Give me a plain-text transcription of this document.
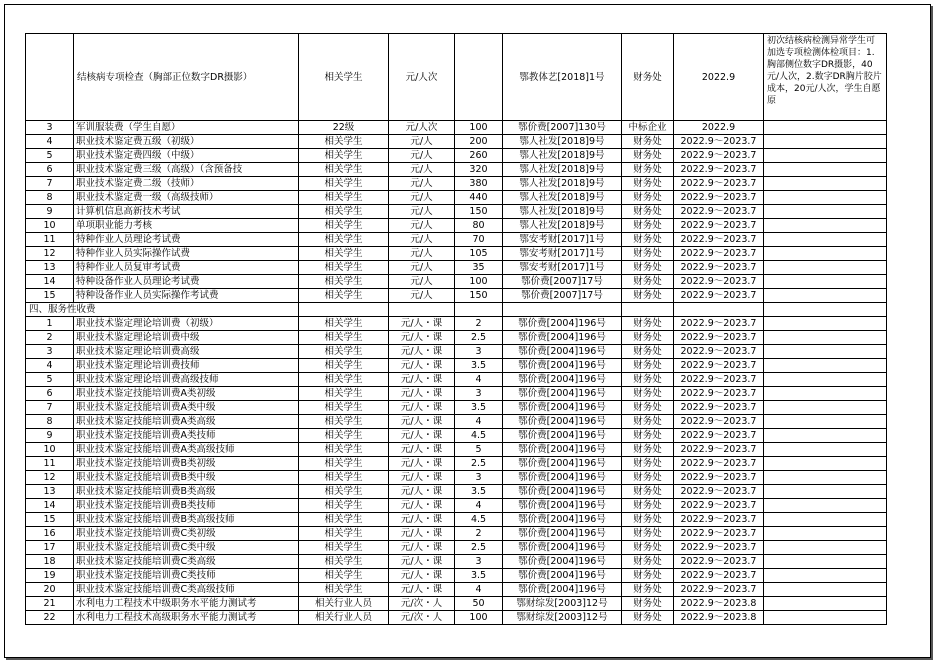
	结核病专项检查（胸部正位数字DR摄影）	相关学生	元/人次		鄂教体艺[2018]1号	财务处	2022.9	初次结核病检测异常学生可加选专项检测体检项目：1.胸部侧位数字DR摄影，40元/人次，2.数字DR胸片胶片成本，20元/人次，学生自愿原
3	军训服装费（学生自愿）	22级	元/人次	100	鄂价费[2007]130号	中标企业	2022.9	
4	职业技术鉴定费五级（初级）	相关学生	元/人	200	鄂人社发[2018]9号	财务处	2022.9～2023.7	
5	职业技术鉴定费四级（中级）	相关学生	元/人	260	鄂人社发[2018]9号	财务处	2022.9～2023.7	
6	职业技术鉴定费三级（高级）（含预备技	相关学生	元/人	320	鄂人社发[2018]9号	财务处	2022.9～2023.7	
7	职业技术鉴定费二级（技师）	相关学生	元/人	380	鄂人社发[2018]9号	财务处	2022.9～2023.7	
8	职业技术鉴定费一级（高级技师）	相关学生	元/人	440	鄂人社发[2018]9号	财务处	2022.9～2023.7	
9	计算机信息高新技术考试	相关学生	元/人	150	鄂人社发[2018]9号	财务处	2022.9～2023.7	
10	单项职业能力考核	相关学生	元/人	80	鄂人社发[2018]9号	财务处	2022.9～2023.7	
11	特种作业人员理论考试费	相关学生	元/人	70	鄂安考财[2017]1号	财务处	2022.9～2023.7	
12	特种作业人员实际操作试费	相关学生	元/人	105	鄂安考财[2017]1号	财务处	2022.9～2023.7	
13	特种作业人员复审考试费	相关学生	元/人	35	鄂安考财[2017]1号	财务处	2022.9～2023.7	
14	特种设备作业人员理论考试费	相关学生	元/人	100	鄂价费[2007]17号	财务处	2022.9～2023.7	
15	特种设备作业人员实际操作考试费	相关学生	元/人	150	鄂价费[2007]17号	财务处	2022.9～2023.7	
四、服务性收费								
1	职业技术鉴定理论培训费（初级）	相关学生	元/人・课	2	鄂价费[2004]196号	财务处	2022.9～2023.7	
2	职业技术鉴定理论培训费中级	相关学生	元/人・课	2.5	鄂价费[2004]196号	财务处	2022.9～2023.7	
3	职业技术鉴定理论培训费高级	相关学生	元/人・课	3	鄂价费[2004]196号	财务处	2022.9～2023.7	
4	职业技术鉴定理论培训费技师	相关学生	元/人・课	3.5	鄂价费[2004]196号	财务处	2022.9～2023.7	
5	职业技术鉴定理论培训费高级技师	相关学生	元/人・课	4	鄂价费[2004]196号	财务处	2022.9～2023.7	
6	职业技术鉴定技能培训费A类初级	相关学生	元/人・课	3	鄂价费[2004]196号	财务处	2022.9～2023.7	
7	职业技术鉴定技能培训费A类中级	相关学生	元/人・课	3.5	鄂价费[2004]196号	财务处	2022.9～2023.7	
8	职业技术鉴定技能培训费A类高级	相关学生	元/人・课	4	鄂价费[2004]196号	财务处	2022.9～2023.7	
9	职业技术鉴定技能培训费A类技师	相关学生	元/人・课	4.5	鄂价费[2004]196号	财务处	2022.9～2023.7	
10	职业技术鉴定技能培训费A类高级技师	相关学生	元/人・课	5	鄂价费[2004]196号	财务处	2022.9～2023.7	
11	职业技术鉴定技能培训费B类初级	相关学生	元/人・课	2.5	鄂价费[2004]196号	财务处	2022.9～2023.7	
12	职业技术鉴定技能培训费B类中级	相关学生	元/人・课	3	鄂价费[2004]196号	财务处	2022.9～2023.7	
13	职业技术鉴定技能培训费B类高级	相关学生	元/人・课	3.5	鄂价费[2004]196号	财务处	2022.9～2023.7	
14	职业技术鉴定技能培训费B类技师	相关学生	元/人・课	4	鄂价费[2004]196号	财务处	2022.9～2023.7	
15	职业技术鉴定技能培训费B类高级技师	相关学生	元/人・课	4.5	鄂价费[2004]196号	财务处	2022.9～2023.7	
16	职业技术鉴定技能培训费C类初级	相关学生	元/人・课	2	鄂价费[2004]196号	财务处	2022.9～2023.7	
17	职业技术鉴定技能培训费C类中级	相关学生	元/人・课	2.5	鄂价费[2004]196号	财务处	2022.9～2023.7	
18	职业技术鉴定技能培训费C类高级	相关学生	元/人・课	3	鄂价费[2004]196号	财务处	2022.9～2023.7	
19	职业技术鉴定技能培训费C类技师	相关学生	元/人・课	3.5	鄂价费[2004]196号	财务处	2022.9～2023.7	
20	职业技术鉴定技能培训费C类高级技师	相关学生	元/人・课	4	鄂价费[2004]196号	财务处	2022.9～2023.7	
21	水利电力工程技术中级职务水平能力测试考	相关行业人员	元/次・人	50	鄂财综发[2003]12号	财务处	2022.9～2023.8	
22	水利电力工程技术高级职务水平能力测试考	相关行业人员	元/次・人	100	鄂财综发[2003]12号	财务处	2022.9～2023.8	
